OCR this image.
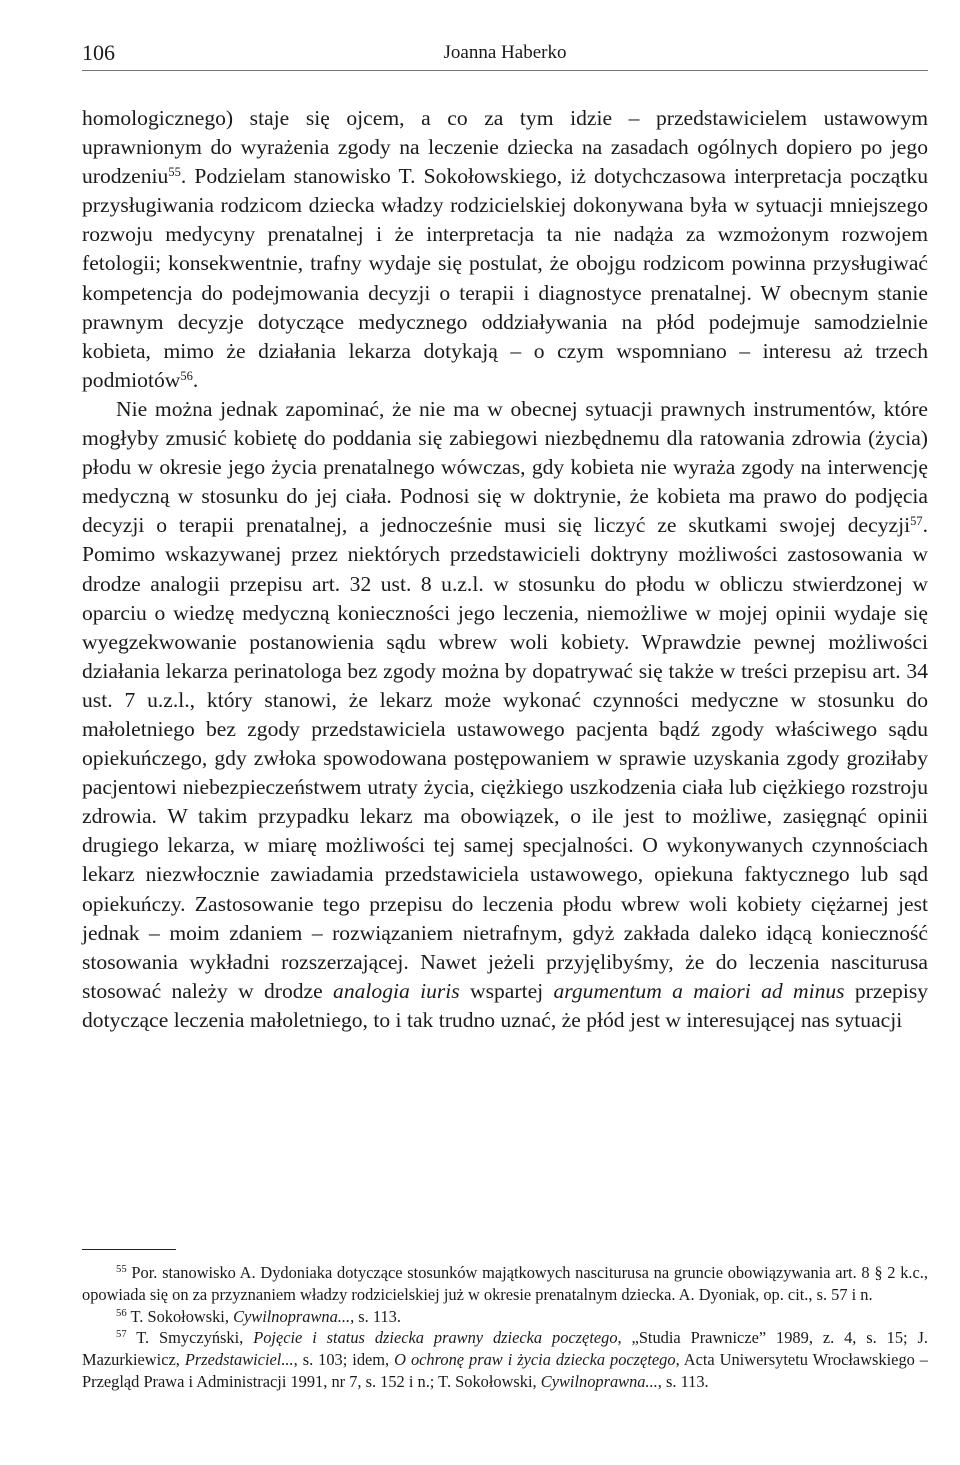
106	Joanna Haberko

homologicznego) staje się ojcem, a co za tym idzie – przedstawicielem ustawowym uprawnionym do wyrażenia zgody na leczenie dziecka na zasadach ogólnych dopiero po jego urodzeniu$^{55}$. Podzielam stanowisko T. Sokołowskiego, iż dotychczasowa interpretacja początku przysługiwania rodzicom dziecka władzy rodzicielskiej dokonywana była w sytuacji mniejszego rozwoju medycyny prenatalnej i że interpretacja ta nie nadąża za wzmożonym rozwojem fetologii; konsekwentnie, trafny wydaje się postulat, że obojgu rodzicom powinna przysługiwać kompetencja do podejmowania decyzji o terapii i diagnostyce prenatalnej. W obecnym stanie prawnym decyzje dotyczące medycznego oddziaływania na płód podejmuje samodzielnie kobieta, mimo że działania lekarza dotykają – o czym wspomniano – interesu aż trzech podmiotów$^{56}$.

Nie można jednak zapominać, że nie ma w obecnej sytuacji prawnych instrumentów, które mogłyby zmusić kobietę do poddania się zabiegowi niezbędnemu dla ratowania zdrowia (życia) płodu w okresie jego życia prenatalnego wówczas, gdy kobieta nie wyraża zgody na interwencję medyczną w stosunku do jej ciała. Podnosi się w doktrynie, że kobieta ma prawo do podjęcia decyzji o terapii prenatalnej, a jednocześnie musi się liczyć ze skutkami swojej decyzji$^{57}$. Pomimo wskazywanej przez niektórych przedstawicieli doktryny możliwości zastosowania w drodze analogii przepisu art. 32 ust. 8 u.z.l. w stosunku do płodu w obliczu stwierdzonej w oparciu o wiedzę medyczną konieczności jego leczenia, niemożliwe w mojej opinii wydaje się wyegzekwowanie postanowienia sądu wbrew woli kobiety. Wprawdzie pewnej możliwości działania lekarza perinatologa bez zgody można by dopatrywać się także w treści przepisu art. 34 ust. 7 u.z.l., który stanowi, że lekarz może wykonać czynności medyczne w stosunku do małoletniego bez zgody przedstawiciela ustawowego pacjenta bądź zgody właściwego sądu opiekuńczego, gdy zwłoka spowodowana postępowaniem w sprawie uzyskania zgody groziłaby pacjentowi niebezpieczeństwem utraty życia, ciężkiego uszkodzenia ciała lub ciężkiego rozstroju zdrowia. W takim przypadku lekarz ma obowiązek, o ile jest to możliwe, zasięgnąć opinii drugiego lekarza, w miarę możliwości tej samej specjalności. O wykonywanych czynnościach lekarz niezwłocznie zawiadamia przedstawiciela ustawowego, opiekuna faktycznego lub sąd opiekuńczy. Zastosowanie tego przepisu do leczenia płodu wbrew woli kobiety ciężarnej jest jednak – moim zdaniem – rozwiązaniem nietrafnym, gdyż zakłada daleko idącą konieczność stosowania wykładni rozszerzającej. Nawet jeżeli przyjęlibyśmy, że do leczenia nasciturusa stosować należy w drodze analogia iuris wspartej argumentum a maiori ad minus przepisy dotyczące leczenia małoletniego, to i tak trudno uznać, że płód jest w interesującej nas sytuacji

$^{55}$ Por. stanowisko A. Dydoniaka dotyczące stosunków majątkowych nasciturusa na gruncie obowiązywania art. 8 § 2 k.c., opowiada się on za przyznaniem władzy rodzicielskiej już w okresie prenatalnym dziecka. A. Dyoniak, op. cit., s. 57 i n.

$^{56}$ T. Sokołowski, Cywilnoprawna..., s. 113.

$^{57}$ T. Smyczyński, Pojęcie i status dziecka prawny dziecka poczętego, „Studia Prawnicze” 1989, z. 4, s. 15; J. Mazurkiewicz, Przedstawiciel..., s. 103; idem, O ochronę praw i życia dziecka poczętego, Acta Uniwersytetu Wrocławskiego – Przegląd Prawa i Administracji 1991, nr 7, s. 152 i n.; T. Sokołowski, Cywilnoprawna..., s. 113.
